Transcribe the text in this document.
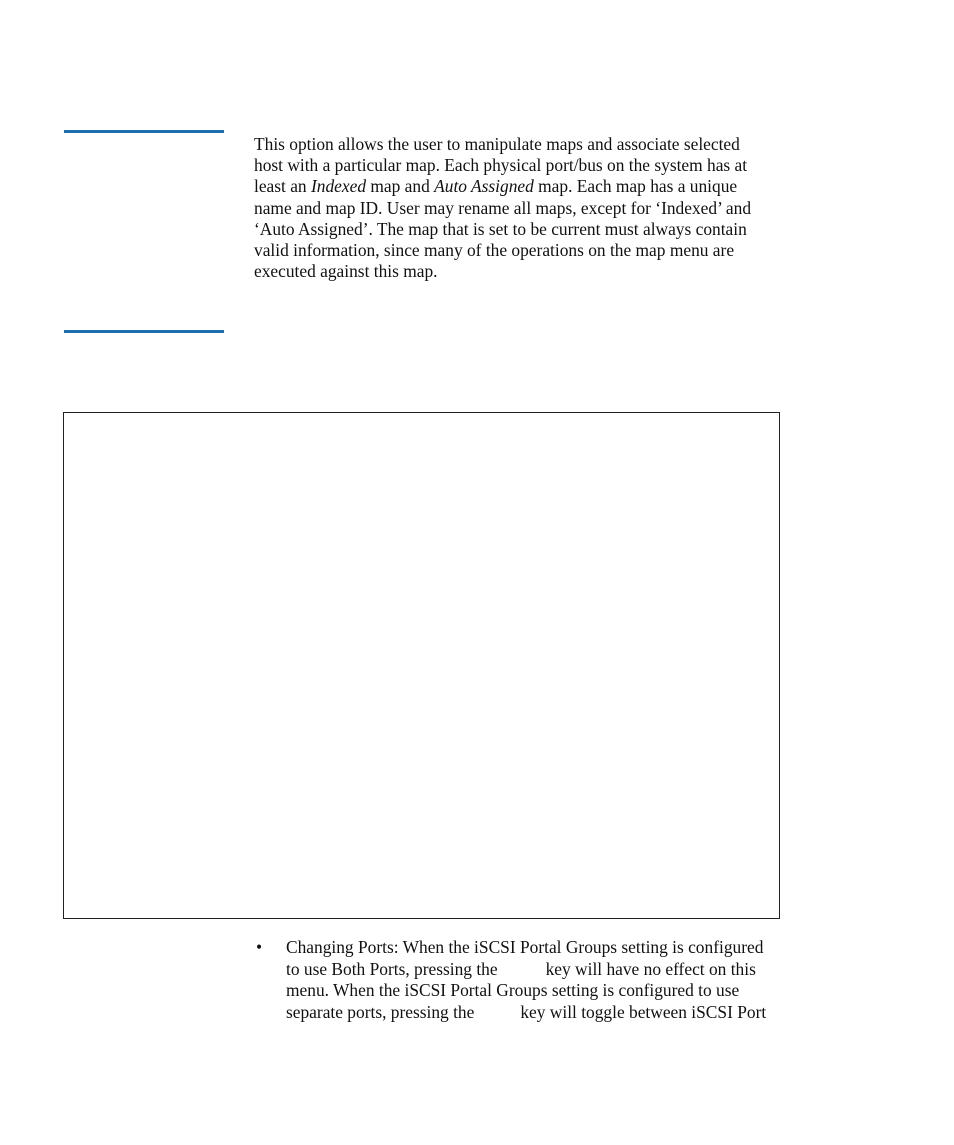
This option allows the user to manipulate maps and associate selected
host with a particular map. Each physical port/bus on the system has at
least an Indexed map and Auto Assigned map. Each map has a unique
name and map ID. User may rename all maps, except for ‘Indexed’ and
‘Auto Assigned’. The map that is set to be current must always contain
valid information, since many of the operations on the map menu are
executed against this map.

• Changing Ports: When the iSCSI Portal Groups setting is configured
to use Both Ports, pressing the	key will have no effect on this
menu. When the iSCSI Portal Groups setting is configured to use
separate ports, pressing the	key will toggle between iSCSI Port
